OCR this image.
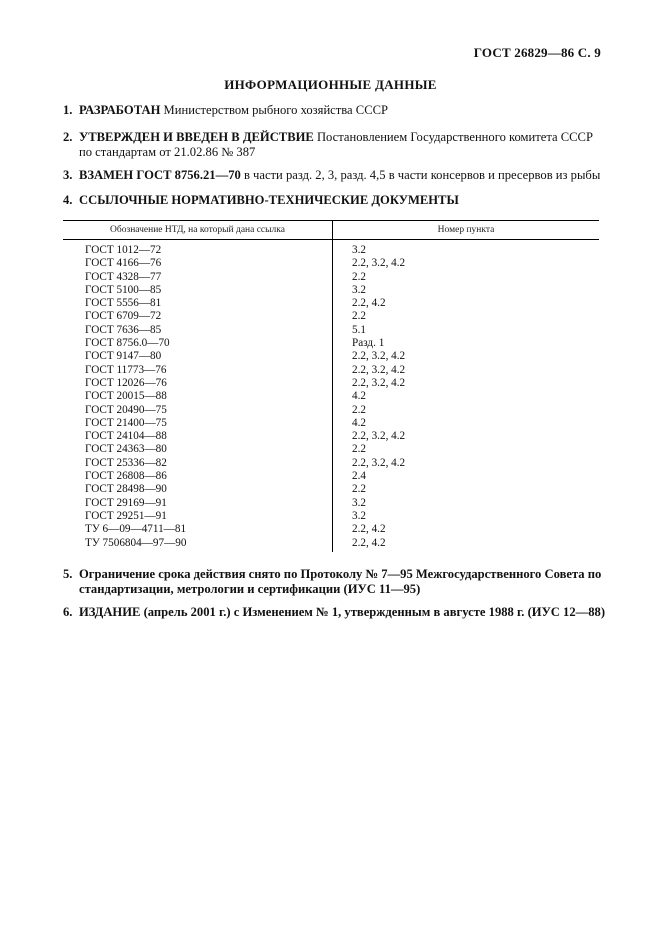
ГОСТ 26829—86 С. 9
ИНФОРМАЦИОННЫЕ ДАННЫЕ
1. РАЗРАБОТАН Министерством рыбного хозяйства СССР
2. УТВЕРЖДЕН И ВВЕДЕН В ДЕЙСТВИЕ Постановлением Государственного комитета СССР по стандартам от 21.02.86 № 387
3. ВЗАМЕН ГОСТ 8756.21—70 в части разд. 2, 3, разд. 4,5 в части консервов и пресервов из рыбы
4. ССЫЛОЧНЫЕ НОРМАТИВНО-ТЕХНИЧЕСКИЕ ДОКУМЕНТЫ
Обозначение НТД, на который дана ссылка	Номер пункта
ГОСТ 1012—72	3.2
ГОСТ 4166—76	2.2, 3.2, 4.2
ГОСТ 4328—77	2.2
ГОСТ 5100—85	3.2
ГОСТ 5556—81	2.2, 4.2
ГОСТ 6709—72	2.2
ГОСТ 7636—85	5.1
ГОСТ 8756.0—70	Разд. 1
ГОСТ 9147—80	2.2, 3.2, 4.2
ГОСТ 11773—76	2.2, 3.2, 4.2
ГОСТ 12026—76	2.2, 3.2, 4.2
ГОСТ 20015—88	4.2
ГОСТ 20490—75	2.2
ГОСТ 21400—75	4.2
ГОСТ 24104—88	2.2, 3.2, 4.2
ГОСТ 24363—80	2.2
ГОСТ 25336—82	2.2, 3.2, 4.2
ГОСТ 26808—86	2.4
ГОСТ 28498—90	2.2
ГОСТ 29169—91	3.2
ГОСТ 29251—91	3.2
ТУ 6—09—4711—81	2.2, 4.2
ТУ 7506804—97—90	2.2, 4.2
5. Ограничение срока действия снято по Протоколу № 7—95 Межгосударственного Совета по стандартизации, метрологии и сертификации (ИУС 11—95)
6. ИЗДАНИЕ (апрель 2001 г.) с Изменением № 1, утвержденным в августе 1988 г. (ИУС 12—88)
